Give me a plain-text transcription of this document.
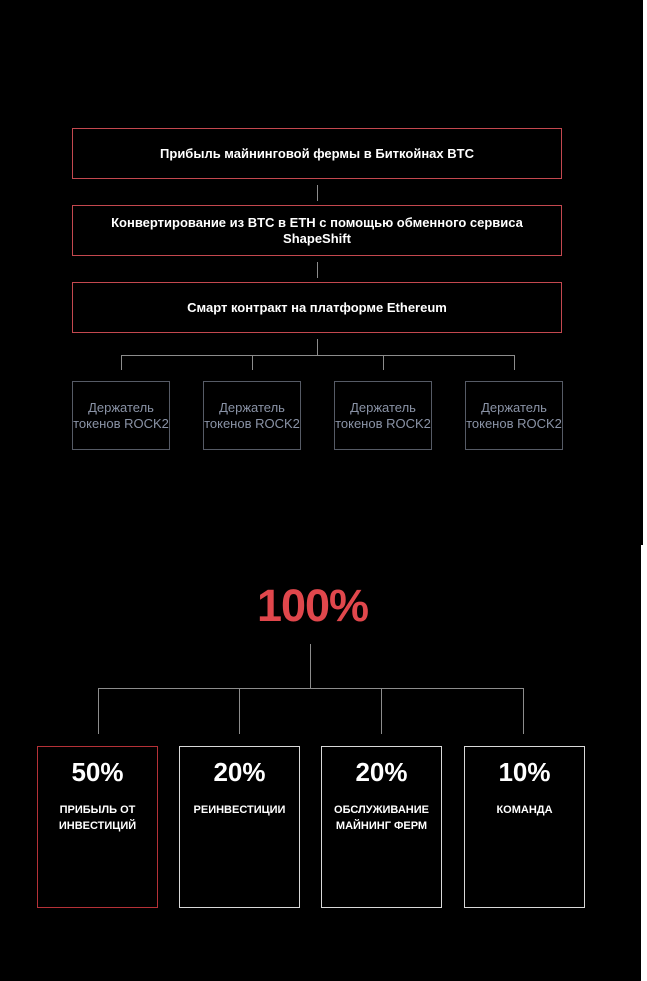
Прибыль майнинговой фермы в Биткойнах BTC
Конвертирование из BTC в ETH с помощью обменного сервиса ShapeShift
Смарт контракт на платформе Ethereum
Держатель токенов ROCK2
Держатель токенов ROCK2
Держатель токенов ROCK2
Держатель токенов ROCK2
100%
50%
ПРИБЫЛЬ ОТ ИНВЕСТИЦИЙ
20%
РЕИНВЕСТИЦИИ
20%
ОБСЛУЖИВАНИЕ МАЙНИНГ ФЕРМ
10%
КОМАНДА
